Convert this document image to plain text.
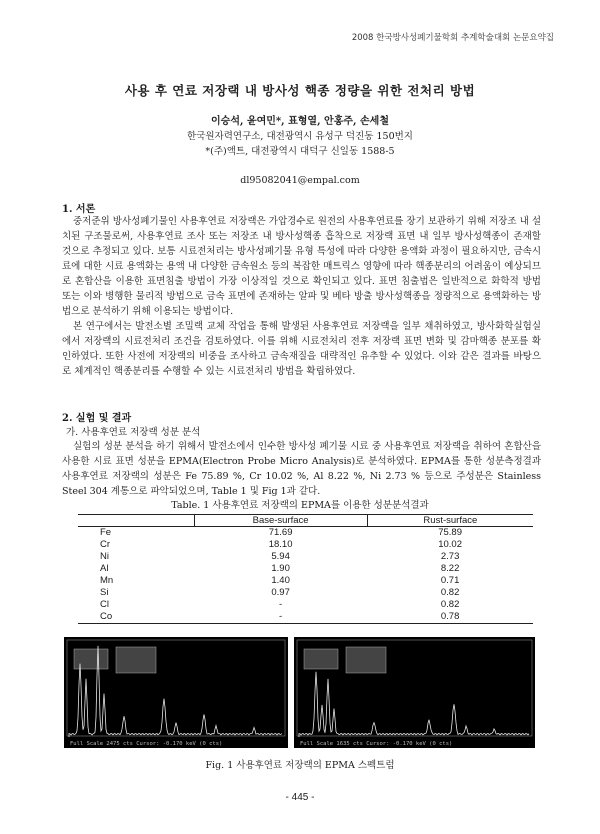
2008 한국방사성폐기물학회 추계학술대회 논문요약집
사용 후 연료 저장랙 내 방사성 핵종 정량을 위한 전처리 방법
이승석, 윤여민*, 표형열, 안홍주, 손세철
한국원자력연구소, 대전광역시 유성구 덕진동 150번지
*(주)액트, 대전광역시 대덕구 신일동 1588-5
dl95082041@empal.com
1. 서론

중저준위 방사성폐기물인 사용후연료 저장랙은 가압경수로 원전의 사용후연료를 장기 보관하기 위해 저장조 내 설치된 구조물로써, 사용후연료 조사 또는 저장조 내 방사성핵종 흡착으로 저장랙 표면 내 일부 방사성핵종이 존재할 것으로 추정되고 있다. 보통 시료전처리는 방사성폐기물 유형 특성에 따라 다양한 용액화 과정이 필요하지만, 금속시료에 대한 시료 용액화는 용액 내 다양한 금속원소 등의 복잡한 매트릭스 영향에 따라 핵종분리의 어려움이 예상되므로 혼합산을 이용한 표면침출 방법이 가장 이상적일 것으로 확인되고 있다. 표면 침출법은 일반적으로 화학적 방법 또는 이와 병행한 물리적 방법으로 금속 표면에 존재하는 알파 및 베타 방출 방사성핵종을 정량적으로 용액화하는 방법으로 분석하기 위해 이용되는 방법이다.

본 연구에서는 발전소별 조밀랙 교체 작업을 통해 발생된 사용후연료 저장랙을 일부 채취하였고, 방사화학실험실에서 저장랙의 시료전처리 조건을 검토하였다. 이를 위해 시료전처리 전후 저장랙 표면 변화 및 감마핵종 분포를 확인하였다. 또한 사전에 저장랙의 비중을 조사하고 금속재질을 대략적인 유추할 수 있었다. 이와 같은 결과를 바탕으로 체계적인 핵종분리를 수행할 수 있는 시료전처리 방법을 확립하였다.

2. 실험 및 결과
가. 사용후연료 저장랙 성분 분석

실험의 성분 분석을 하기 위해서 발전소에서 인수한 방사성 폐기물 시료 중 사용후연료 저장랙을 취하여 혼합산을 사용한 시료 표면 성분을 EPMA(Electron Probe Micro Analysis)로 분석하였다. EPMA를 통한 성분측정결과 사용후연료 저장랙의 성분은 Fe 75.89 %, Cr 10.02 %, Al 8.22 %, Ni 2.73 % 등으로 주성분은 Stainless Steel 304 계통으로 파악되었으며, Table 1 및 Fig 1과 같다.

Table. 1 사용후연료 저장랙의 EPMA를 이용한 성분분석결과
	Base-surface	Rust-surface
Fe	71.69	75.89
Cr	18.10	10.02
Ni	5.94	2.73
Al	1.90	8.22
Mn	1.40	0.71
Si	0.97	0.82
Cl	-	0.82
Co	-	0.78
Full Scale 2475 cts Cursor: -0.170 keV (0 cts)	Full Scale 1635 cts Cursor: -0.170 keV (0 cts)
Fig. 1 사용후연료 저장랙의 EPMA 스펙트럼
- 445 -
